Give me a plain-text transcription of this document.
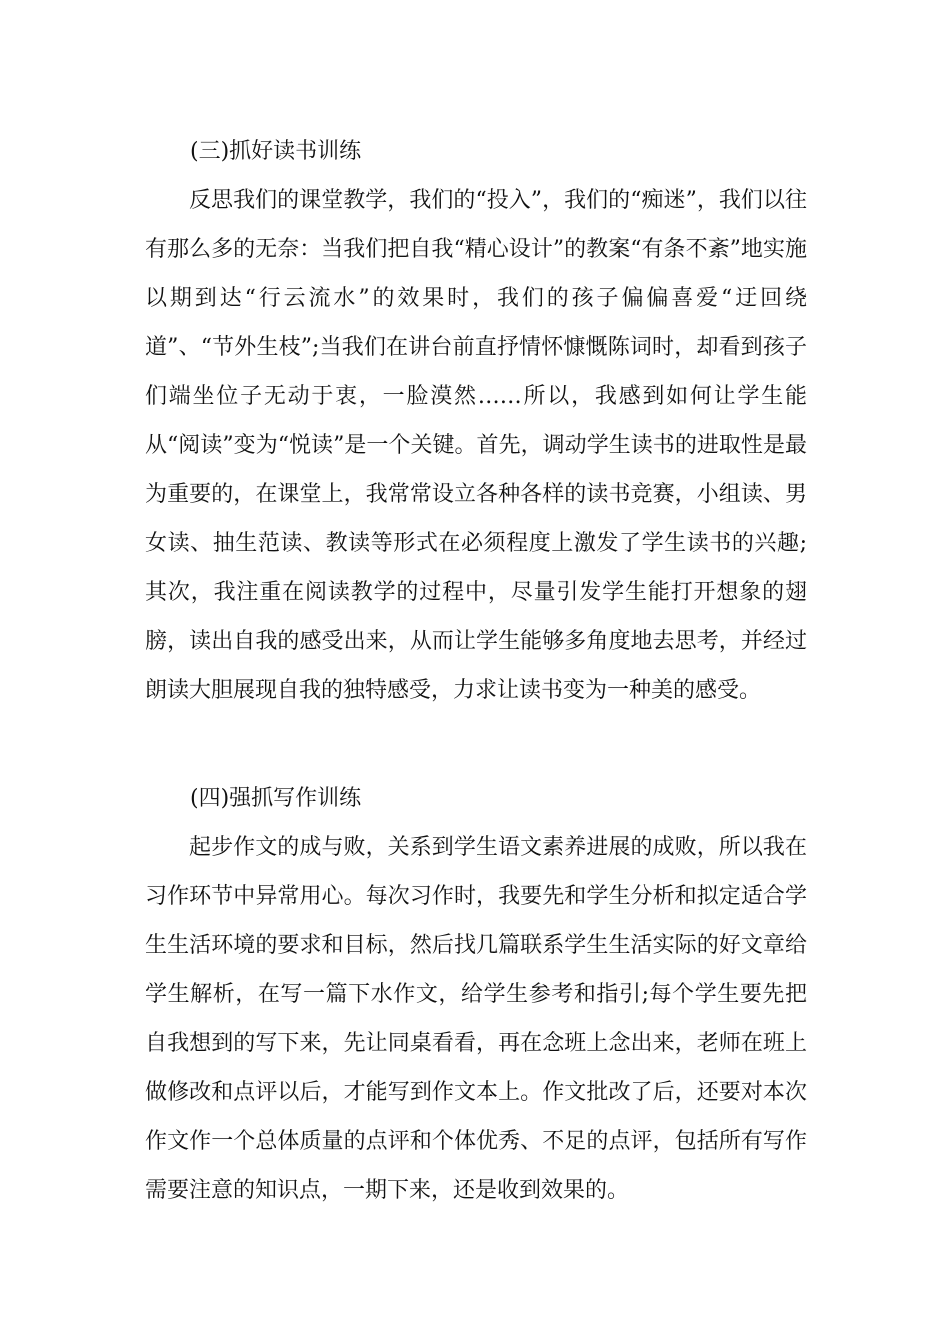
(三)抓好读书训练

反思我们的课堂教学，我们的“投入”，我们的“痴迷”，我们以往有那么多的无奈：当我们把自我“精心设计”的教案“有条不紊”地实施以期到达“行云流水”的效果时，我们的孩子偏偏喜爱“迂回绕道”、“节外生枝”;当我们在讲台前直抒情怀慷慨陈词时，却看到孩子们端坐位子无动于衷，一脸漠然……所以，我感到如何让学生能从“阅读”变为“悦读”是一个关键。首先，调动学生读书的进取性是最为重要的，在课堂上，我常常设立各种各样的读书竞赛，小组读、男女读、抽生范读、教读等形式在必须程度上激发了学生读书的兴趣;其次，我注重在阅读教学的过程中，尽量引发学生能打开想象的翅膀，读出自我的感受出来，从而让学生能够多角度地去思考，并经过朗读大胆展现自我的独特感受，力求让读书变为一种美的感受。

(四)强抓写作训练

起步作文的成与败，关系到学生语文素养进展的成败，所以我在习作环节中异常用心。每次习作时，我要先和学生分析和拟定适合学生生活环境的要求和目标，然后找几篇联系学生生活实际的好文章给学生解析，在写一篇下水作文，给学生参考和指引;每个学生要先把自我想到的写下来，先让同桌看看，再在念班上念出来，老师在班上做修改和点评以后，才能写到作文本上。作文批改了后，还要对本次作文作一个总体质量的点评和个体优秀、不足的点评，包括所有写作需要注意的知识点，一期下来，还是收到效果的。
